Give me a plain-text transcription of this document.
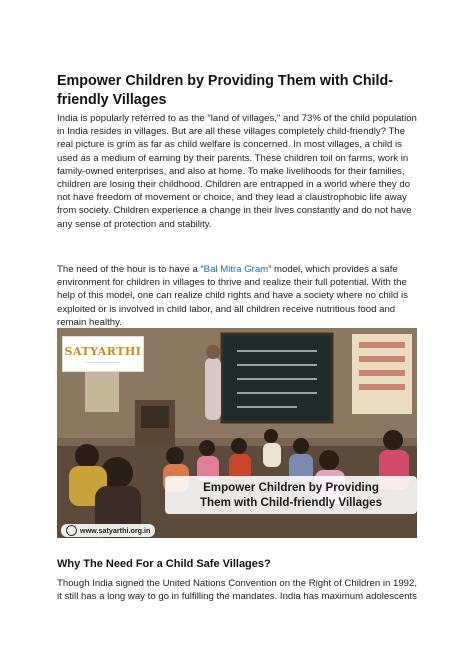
Empower Children by Providing Them with Child-friendly Villages

India is popularly referred to as the "land of villages," and 73% of the child population in India resides in villages. But are all these villages completely child-friendly? The real picture is grim as far as child welfare is concerned. In most villages, a child is used as a medium of earning by their parents. These children toil on farms, work in family-owned enterprises, and also at home. To make livelihoods for their families, children are losing their childhood. Children are entrapped in a world where they do not have freedom of movement or choice, and they lead a claustrophobic life away from society. Children experience a change in their lives constantly and do not have any sense of protection and stability.

The need of the hour is to have a “Bal Mitra Gram” model, which provides a safe environment for children in villages to thrive and realize their full potential. With the help of this model, one can realize child rights and have a society where no child is exploited or is involved in child labor, and all children receive nutritious food and remain healthy.

SATYARTHI
———————————
Empower Children by Providing
Them with Child-friendly Villages
www.satyarthi.org.in
Why The Need For a Child Safe Villages?

Though India signed the United Nations Convention on the Right of Children in 1992, it still has a long way to go in fulfilling the mandates. India has maximum adolescents
